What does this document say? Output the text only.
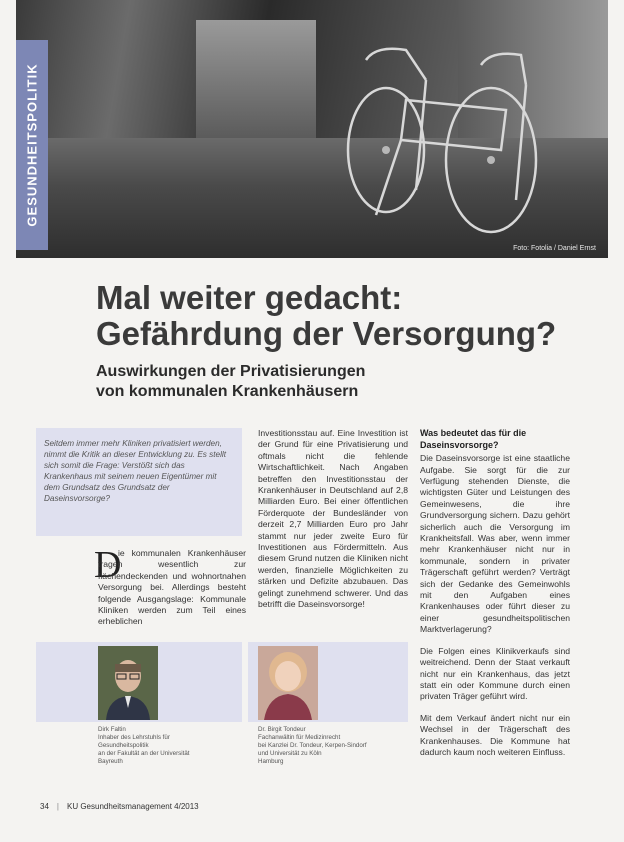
Foto: Fotolia / Daniel Ernst
GESUNDHEITSPOLITIK
Mal weiter gedacht:
Gefährdung der Versorgung?
Auswirkungen der Privatisierungen
von kommunalen Krankenhäusern
Seitdem immer mehr Kliniken privatisiert werden, nimmt die Kritik an dieser Entwicklung zu. Es stellt sich somit die Frage: Verstößt sich das Krankenhaus mit seinem neuen Eigentümer mit dem Grundsatz des Grundsatz der Daseinsvorsorge?
D
ie kommunalen Krankenhäuser tragen wesentlich zur flächendeckenden und wohnortnahen Versorgung bei. Allerdings besteht folgende Ausgangslage: Kommunale Kliniken werden zum Teil eines erheblichen
Investitionsstau auf. Eine Investition ist der Grund für eine Privatisierung und oftmals nicht die fehlende Wirtschaftlichkeit. Nach Angaben betreffen den Investitionsstau der Krankenhäuser in Deutschland auf 2,8 Milliarden Euro. Bei einer öffentlichen Förderquote der Bundesländer von derzeit 2,7 Milliarden Euro pro Jahr stammt nur jeder zweite Euro für Investitionen aus Fördermitteln. Aus diesem Grund nutzen die Kliniken nicht werden, finanzielle Möglichkeiten zu stärken und Defizite abzubauen. Das gelingt zunehmend schwerer. Und das betrifft die Daseinsvorsorge!
Was bedeutet das für die
Daseinsvorsorge?
Die Daseinsvorsorge ist eine staatliche Aufgabe. Sie sorgt für die zur Verfügung stehenden Dienste, die wichtigsten Güter und Leistungen des Gemeinwesens, die ihre Grundversorgung sichern. Dazu gehört sicherlich auch die Versorgung im Krankheitsfall. Was aber, wenn immer mehr Krankenhäuser nicht nur in kommunale, sondern in privater Trägerschaft geführt werden? Verträgt sich der Gedanke des Gemeinwohls mit den Aufgaben eines Krankenhauses oder führt dieser zu einer gesundheitspolitischen Marktverlagerung?
Die Folgen eines Klinikverkaufs sind weitreichend. Denn der Staat verkauft nicht nur ein Krankenhaus, das jetzt statt ein oder Kommune durch einen privaten Träger geführt wird.
Mit dem Verkauf ändert nicht nur ein Wechsel in der Trägerschaft des Krankenhauses. Die Kommune hat dadurch kaum noch weiteren Einfluss.
Dirk Faltin
Inhaber des Lehrstuhls für
Gesundheitspolitik
an der Fakultät an der Universität
Bayreuth
Dr. Birgit Tondeur
Fachanwältin für Medizinrecht
bei Kanzlei Dr. Tondeur, Kerpen-Sindorf
und Universität zu Köln
Hamburg
34 | KU Gesundheitsmanagement 4/2013
